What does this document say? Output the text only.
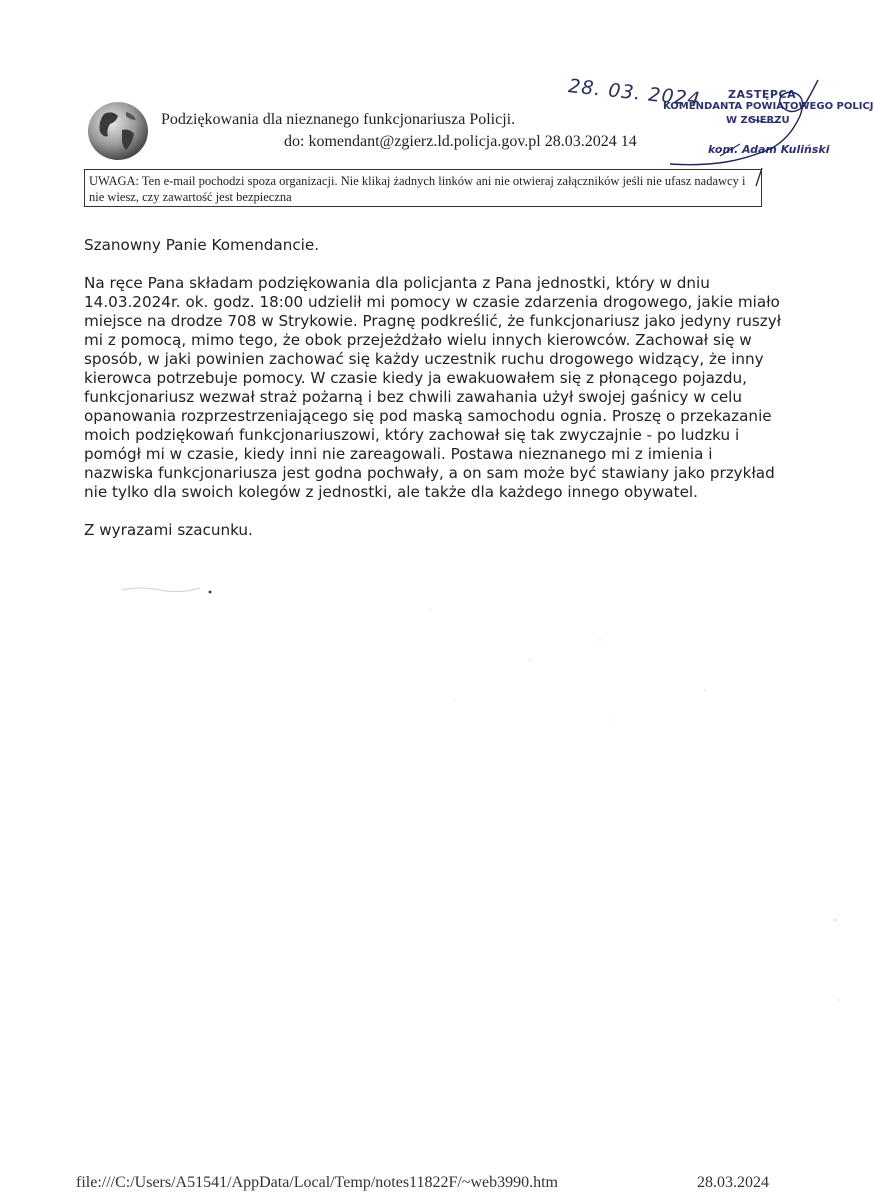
Podziękowania dla nieznanego funkcjonariusza Policji.
do: komendant@zgierz.ld.policja.gov.pl 28.03.2024 14
28. 03. 2024 ZASTĘPCA
KOMENDANTA POWIATOWEGO POLICJ
W ZGIERZU
kom. Adam Kuliński
UWAGA: Ten e-mail pochodzi spoza organizacji. Nie klikaj żadnych linków ani nie otwieraj załączników jeśli nie ufasz nadawcy i nie wiesz, czy zawartość jest bezpieczna

Szanowny Panie Komendancie.

Na ręce Pana składam podziękowania dla policjanta z Pana jednostki, który w dniu 14.03.2024r. ok. godz. 18:00 udzielił mi pomocy w czasie zdarzenia drogowego, jakie miało miejsce na drodze 708 w Strykowie. Pragnę podkreślić, że funkcjonariusz jako jedyny ruszył mi z pomocą, mimo tego, że obok przejeżdżało wielu innych kierowców. Zachował się w sposób, w jaki powinien zachować się każdy uczestnik ruchu drogowego widzący, że inny kierowca potrzebuje pomocy. W czasie kiedy ja ewakuowałem się z płonącego pojazdu, funkcjonariusz wezwał straż pożarną i bez chwili zawahania użył swojej gaśnicy w celu opanowania rozprzestrzeniającego się pod maską samochodu ognia. Proszę o przekazanie moich podziękowań funkcjonariuszowi, który zachował się tak zwyczajnie - po ludzku i pomógł mi w czasie, kiedy inni nie zareagowali. Postawa nieznanego mi z imienia i nazwiska funkcjonariusza jest godna pochwały, a on sam może być stawiany jako przykład nie tylko dla swoich kolegów z jednostki, ale także dla każdego innego obywatel.

Z wyrazami szacunku.

file:///C:/Users/A51541/AppData/Local/Temp/notes11822F/~web3990.htm	28.03.2024
